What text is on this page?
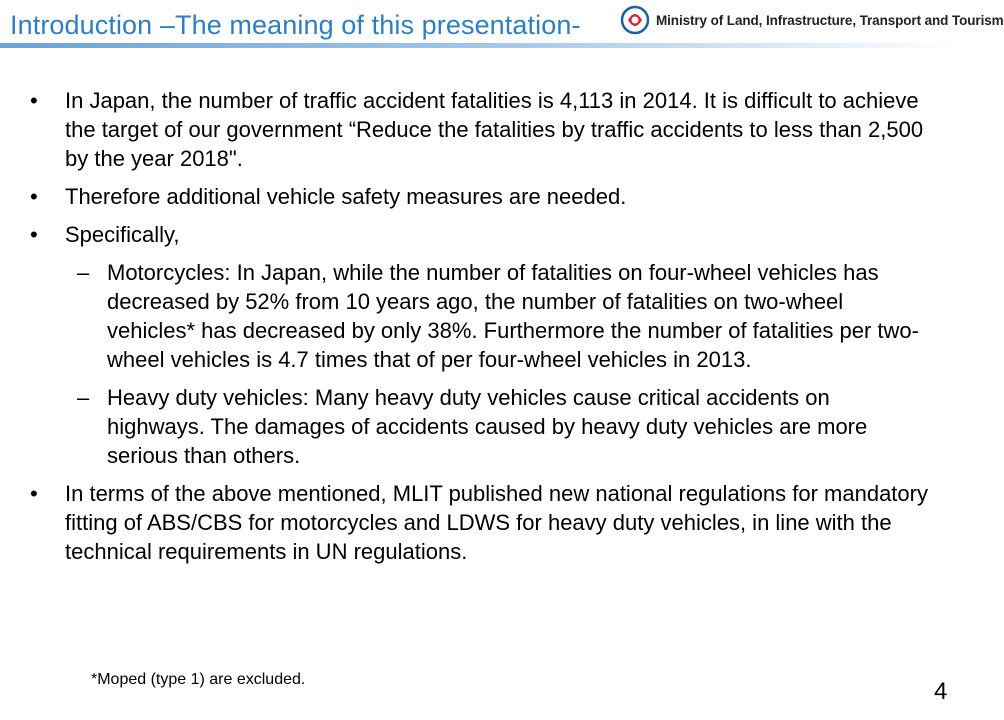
Introduction –The meaning of this presentation-	Ministry of Land, Infrastructure, Transport and Tourism
• In Japan, the number of traffic accident fatalities is 4,113 in 2014. It is difficult to achieve the target of our government “Reduce the fatalities by traffic accidents to less than 2,500 by the year 2018".
• Therefore additional vehicle safety measures are needed.
• Specifically,
– Motorcycles: In Japan, while the number of fatalities on four-wheel vehicles has decreased by 52% from 10 years ago, the number of fatalities on two-wheel vehicles* has decreased by only 38%. Furthermore the number of fatalities per two-wheel vehicles is 4.7 times that of per four-wheel vehicles in 2013.
– Heavy duty vehicles: Many heavy duty vehicles cause critical accidents on highways. The damages of accidents caused by heavy duty vehicles are more serious than others.
• In terms of the above mentioned, MLIT published new national regulations for mandatory fitting of ABS/CBS for motorcycles and LDWS for heavy duty vehicles, in line with the technical requirements in UN regulations.
*Moped (type 1) are excluded.	4
